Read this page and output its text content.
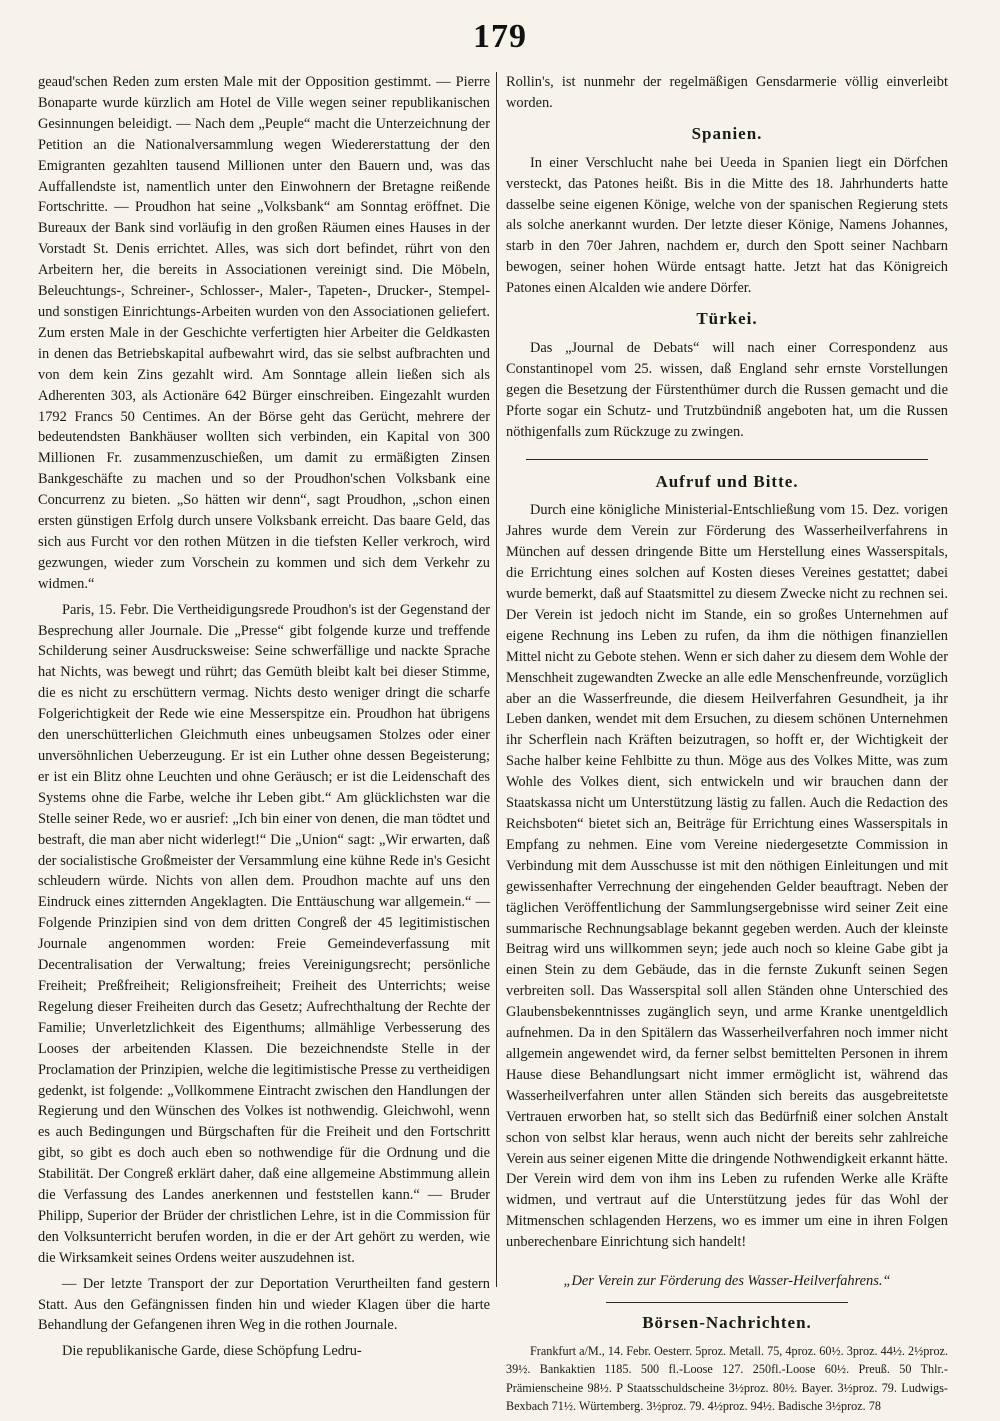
179

geaud'schen Reden zum ersten Male mit der Opposition gestimmt. — Pierre Bonaparte wurde kürzlich am Hotel de Ville wegen seiner republikanischen Gesinnungen beleidigt. — Nach dem „Peuple“ macht die Unterzeichnung der Petition an die Nationalversammlung wegen Wiedererstattung der den Emigranten gezahlten tausend Millionen unter den Bauern und, was das Auffallendste ist, namentlich unter den Einwohnern der Bretagne reißende Fortschritte. — Proudhon hat seine „Volksbank“ am Sonntag eröffnet. Die Bureaux der Bank sind vorläufig in den großen Räumen eines Hauses in der Vorstadt St. Denis errichtet. Alles, was sich dort befindet, rührt von den Arbeitern her, die bereits in Associationen vereinigt sind. Die Möbeln, Beleuchtungs-, Schreiner-, Schlosser-, Maler-, Tapeten-, Drucker-, Stempel- und sonstigen Einrichtungs-Arbeiten wurden von den Associationen geliefert. Zum ersten Male in der Geschichte verfertigten hier Arbeiter die Geldkasten in denen das Betriebskapital aufbewahrt wird, das sie selbst aufbrachten und von dem kein Zins gezahlt wird. Am Sonntage allein ließen sich als Adherenten 303, als Actionäre 642 Bürger einschreiben. Eingezahlt wurden 1792 Francs 50 Centimes. An der Börse geht das Gerücht, mehrere der bedeutendsten Bankhäuser wollten sich verbinden, ein Kapital von 300 Millionen Fr. zusammenzuschießen, um damit zu ermäßigten Zinsen Bankgeschäfte zu machen und so der Proudhon'schen Volksbank eine Concurrenz zu bieten. „So hätten wir denn“, sagt Proudhon, „schon einen ersten günstigen Erfolg durch unsere Volksbank erreicht. Das baare Geld, das sich aus Furcht vor den rothen Mützen in die tiefsten Keller verkroch, wird gezwungen, wieder zum Vorschein zu kommen und sich dem Verkehr zu widmen.“

Paris, 15. Febr. Die Vertheidigungsrede Proudhon's ist der Gegenstand der Besprechung aller Journale. Die „Presse“ gibt folgende kurze und treffende Schilderung seiner Ausdrucksweise: Seine schwerfällige und nackte Sprache hat Nichts, was bewegt und rührt; das Gemüth bleibt kalt bei dieser Stimme, die es nicht zu erschüttern vermag. Nichts desto weniger dringt die scharfe Folgerichtigkeit der Rede wie eine Messerspitze ein. Proudhon hat übrigens den unerschütterlichen Gleichmuth eines unbeugsamen Stolzes oder einer unversöhnlichen Ueberzeugung. Er ist ein Luther ohne dessen Begeisterung; er ist ein Blitz ohne Leuchten und ohne Geräusch; er ist die Leidenschaft des Systems ohne die Farbe, welche ihr Leben gibt.“ Am glücklichsten war die Stelle seiner Rede, wo er ausrief: „Ich bin einer von denen, die man tödtet und bestraft, die man aber nicht widerlegt!“ Die „Union“ sagt: „Wir erwarten, daß der socialistische Großmeister der Versammlung eine kühne Rede in's Gesicht schleudern würde. Nichts von allen dem. Proudhon machte auf uns den Eindruck eines zitternden Angeklagten. Die Enttäuschung war allgemein.“ — Folgende Prinzipien sind von dem dritten Congreß der 45 legitimistischen Journale angenommen worden: Freie Gemeindeverfassung mit Decentralisation der Verwaltung; freies Vereinigungsrecht; persönliche Freiheit; Preßfreiheit; Religionsfreiheit; Freiheit des Unterrichts; weise Regelung dieser Freiheiten durch das Gesetz; Aufrechthaltung der Rechte der Familie; Unverletzlichkeit des Eigenthums; allmählige Verbesserung des Looses der arbeitenden Klassen. Die bezeichnendste Stelle in der Proclamation der Prinzipien, welche die legitimistische Presse zu vertheidigen gedenkt, ist folgende: „Vollkommene Eintracht zwischen den Handlungen der Regierung und den Wünschen des Volkes ist nothwendig. Gleichwohl, wenn es auch Bedingungen und Bürgschaften für die Freiheit und den Fortschritt gibt, so gibt es doch auch eben so nothwendige für die Ordnung und die Stabilität. Der Congreß erklärt daher, daß eine allgemeine Abstimmung allein die Verfassung des Landes anerkennen und feststellen kann.“ — Bruder Philipp, Superior der Brüder der christlichen Lehre, ist in die Commission für den Volksunterricht berufen worden, in die er der Art gehört zu werden, wie die Wirksamkeit seines Ordens weiter auszudehnen ist.

— Der letzte Transport der zur Deportation Verurtheilten fand gestern Statt. Aus den Gefängnissen finden hin und wieder Klagen über die harte Behandlung der Gefangenen ihren Weg in die rothen Journale.

Die republikanische Garde, diese Schöpfung Ledru-

Rollin's, ist nunmehr der regelmäßigen Gensdarmerie völlig einverleibt worden.

Spanien.

In einer Verschlucht nahe bei Ueeda in Spanien liegt ein Dörfchen versteckt, das Patones heißt. Bis in die Mitte des 18. Jahrhunderts hatte dasselbe seine eigenen Könige, welche von der spanischen Regierung stets als solche anerkannt wurden. Der letzte dieser Könige, Namens Johannes, starb in den 70er Jahren, nachdem er, durch den Spott seiner Nachbarn bewogen, seiner hohen Würde entsagt hatte. Jetzt hat das Königreich Patones einen Alcalden wie andere Dörfer.

Türkei.

Das „Journal de Debats“ will nach einer Correspondenz aus Constantinopel vom 25. wissen, daß England sehr ernste Vorstellungen gegen die Besetzung der Fürstenthümer durch die Russen gemacht und die Pforte sogar ein Schutz- und Trutzbündniß angeboten hat, um die Russen nöthigenfalls zum Rückzuge zu zwingen.

Aufruf und Bitte.

Durch eine königliche Ministerial-Entschließung vom 15. Dez. vorigen Jahres wurde dem Verein zur Förderung des Wasserheilverfahrens in München auf dessen dringende Bitte um Herstellung eines Wasserspitals, die Errichtung eines solchen auf Kosten dieses Vereines gestattet; dabei wurde bemerkt, daß auf Staatsmittel zu diesem Zwecke nicht zu rechnen sei. Der Verein ist jedoch nicht im Stande, ein so großes Unternehmen auf eigene Rechnung ins Leben zu rufen, da ihm die nöthigen finanziellen Mittel nicht zu Gebote stehen. Wenn er sich daher zu diesem dem Wohle der Menschheit zugewandten Zwecke an alle edle Menschenfreunde, vorzüglich aber an die Wasserfreunde, die diesem Heilverfahren Gesundheit, ja ihr Leben danken, wendet mit dem Ersuchen, zu diesem schönen Unternehmen ihr Scherflein nach Kräften beizutragen, so hofft er, der Wichtigkeit der Sache halber keine Fehlbitte zu thun. Möge aus des Volkes Mitte, was zum Wohle des Volkes dient, sich entwickeln und wir brauchen dann der Staatskassa nicht um Unterstützung lästig zu fallen. Auch die Redaction des Reichsboten“ bietet sich an, Beiträge für Errichtung eines Wasserspitals in Empfang zu nehmen. Eine vom Vereine niedergesetzte Commission in Verbindung mit dem Ausschusse ist mit den nöthigen Einleitungen und mit gewissenhafter Verrechnung der eingehenden Gelder beauftragt. Neben der täglichen Veröffentlichung der Sammlungsergebnisse wird seiner Zeit eine summarische Rechnungsablage bekannt gegeben werden. Auch der kleinste Beitrag wird uns willkommen seyn; jede auch noch so kleine Gabe gibt ja einen Stein zu dem Gebäude, das in die fernste Zukunft seinen Segen verbreiten soll. Das Wasserspital soll allen Ständen ohne Unterschied des Glaubensbekenntnisses zugänglich seyn, und arme Kranke unentgeldlich aufnehmen. Da in den Spitälern das Wasserheilverfahren noch immer nicht allgemein angewendet wird, da ferner selbst bemittelten Personen in ihrem Hause diese Behandlungsart nicht immer ermöglicht ist, während das Wasserheilverfahren unter allen Ständen sich bereits das ausgebreitetste Vertrauen erworben hat, so stellt sich das Bedürfniß einer solchen Anstalt schon von selbst klar heraus, wenn auch nicht der bereits sehr zahlreiche Verein aus seiner eigenen Mitte die dringende Nothwendigkeit erkannt hätte. Der Verein wird dem von ihm ins Leben zu rufenden Werke alle Kräfte widmen, und vertraut auf die Unterstützung jedes für das Wohl der Mitmenschen schlagenden Herzens, wo es immer um eine in ihren Folgen unberechenbare Einrichtung sich handelt!

„Der Verein zur Förderung des Wasser-Heilverfahrens.“
Börsen-Nachrichten.

Frankfurt a/M., 14. Febr. Oesterr. 5proz. Metall. 75, 4proz. 60½. 3proz. 44½. 2½proz. 39½. Bankaktien 1185. 500 fl.-Loose 127. 250fl.-Loose 60½. Preuß. 50 Thlr.-Prämienscheine 98½. P Staatsschuldscheine 3½proz. 80½. Bayer. 3½proz. 79. Ludwigs-Bexbach 71½. Würtemberg. 3½proz. 79. 4½proz. 94½. Badische 3½proz. 78
